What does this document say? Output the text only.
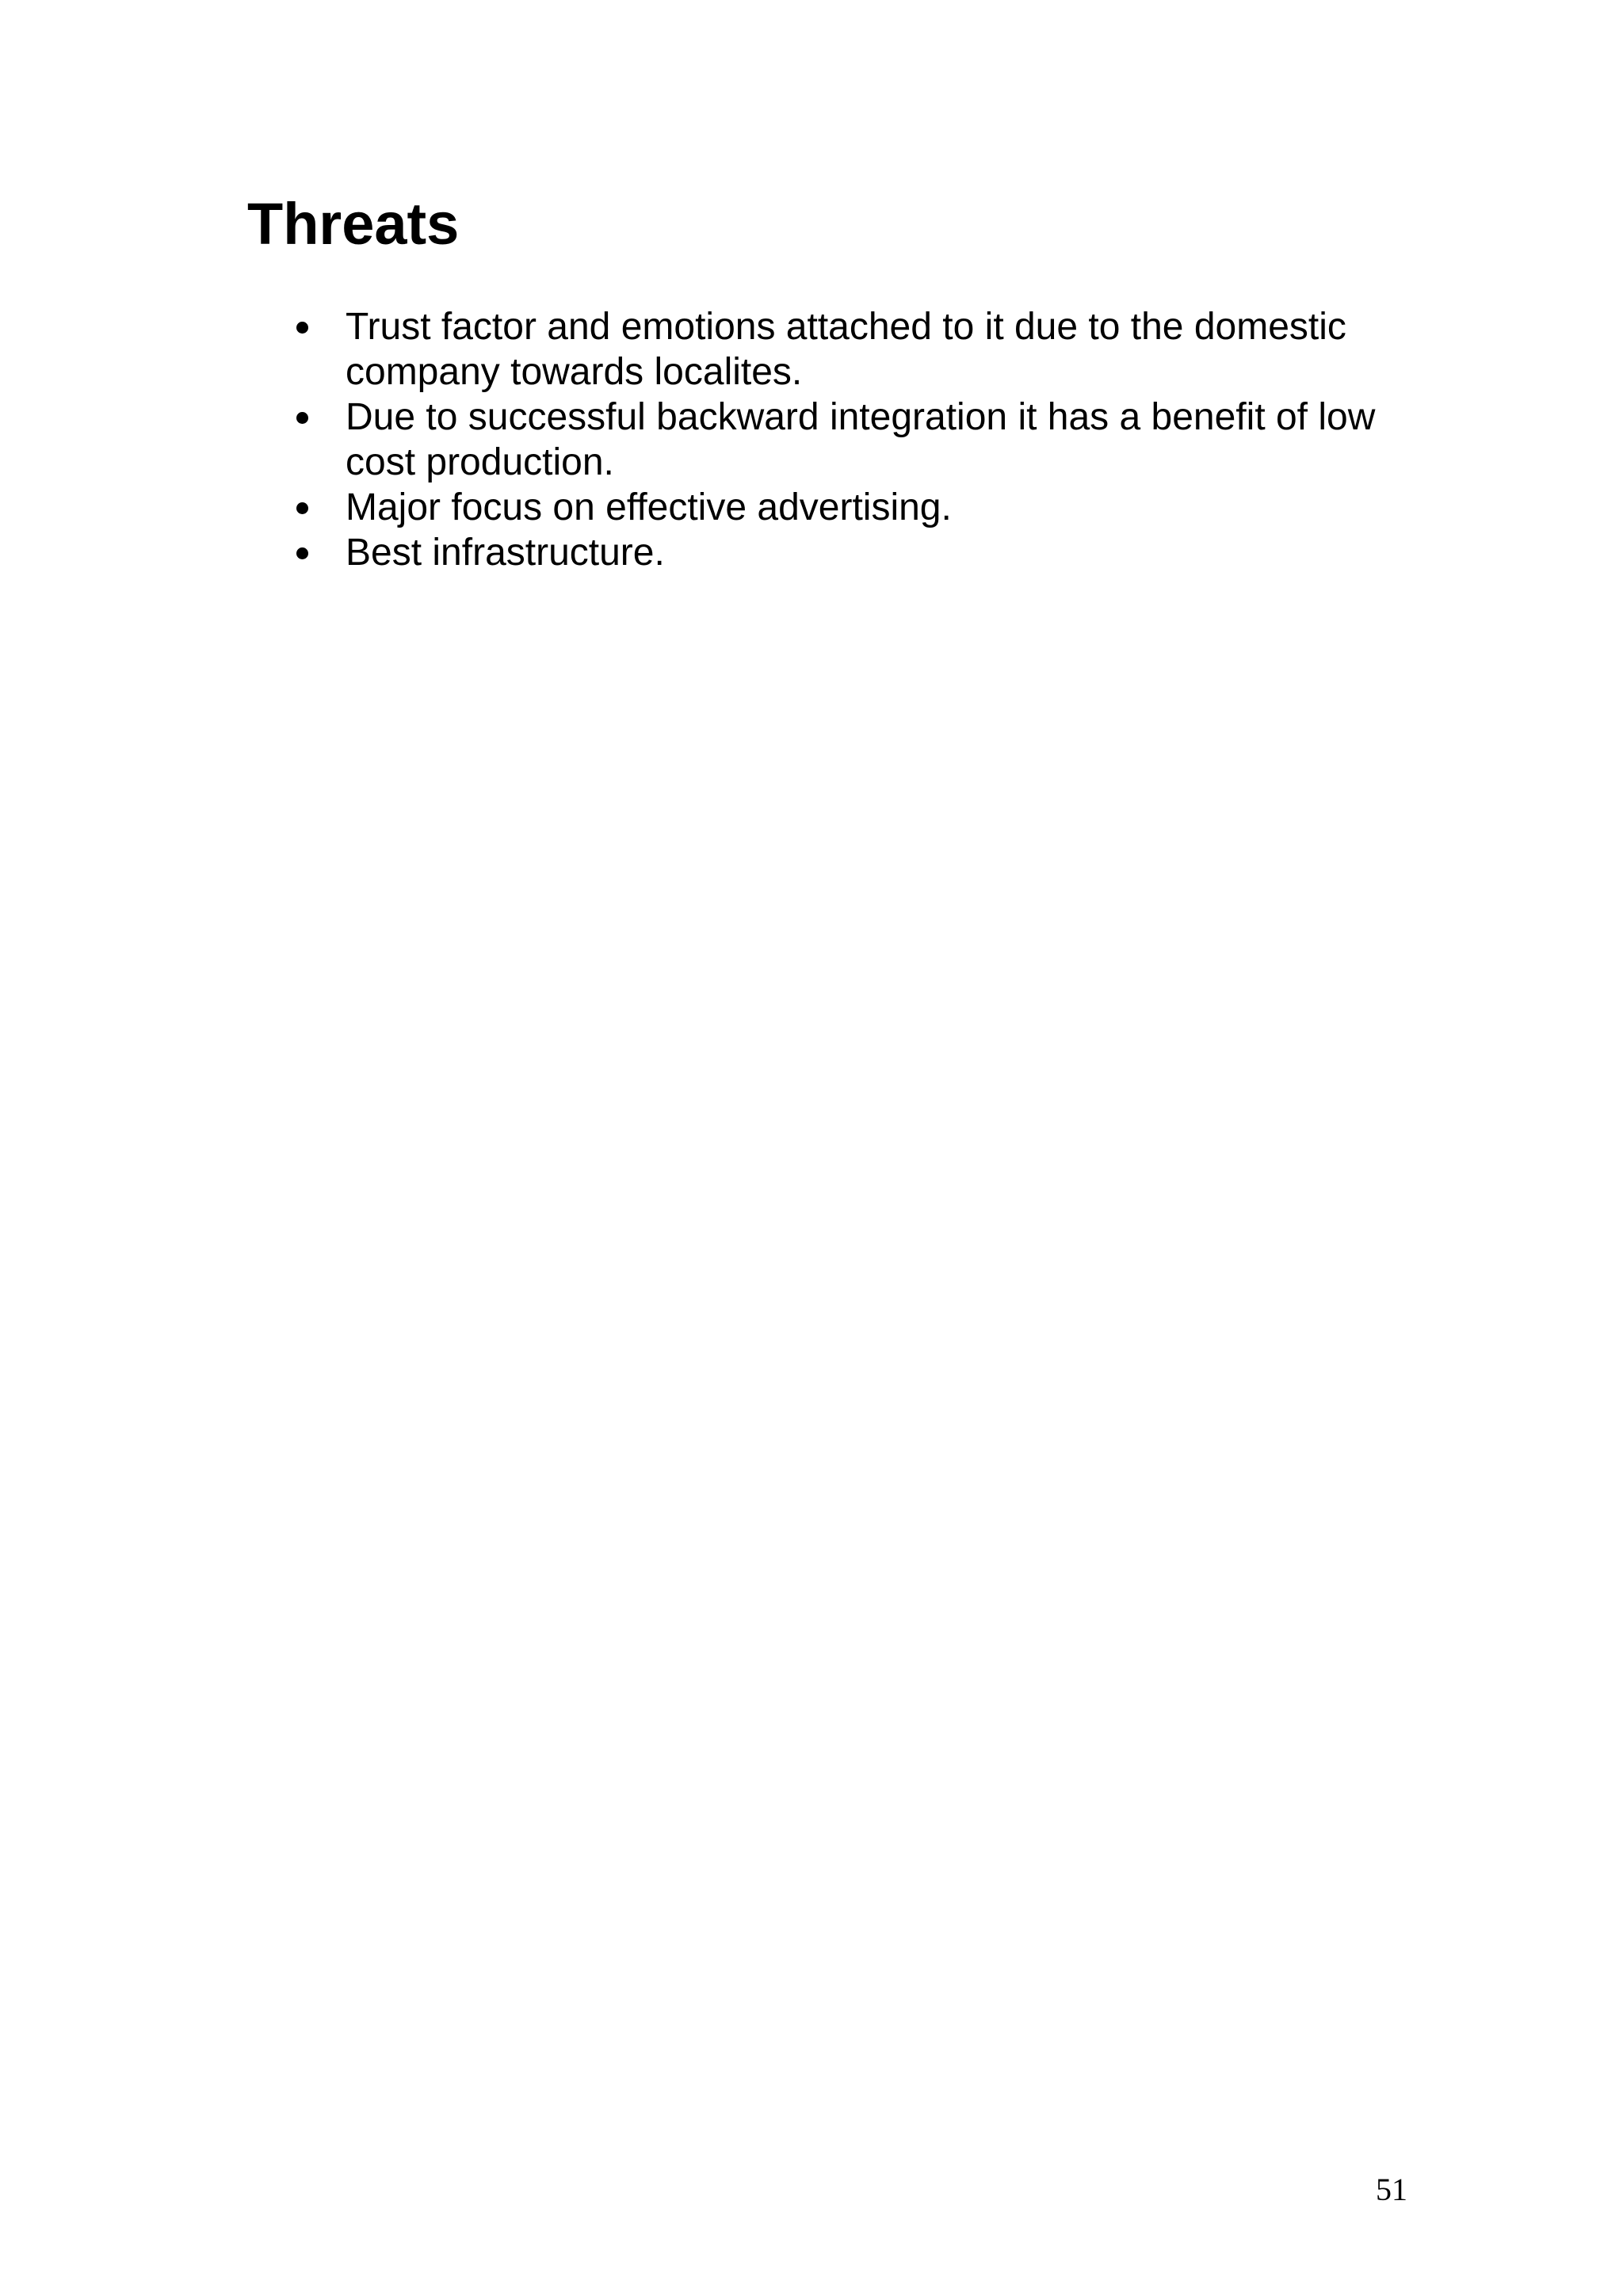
Threats
Trust factor and emotions attached to it due to the domestic company towards localites.
Due to successful backward integration it has a benefit of low cost production.
Major focus on effective advertising.
Best infrastructure.
51
